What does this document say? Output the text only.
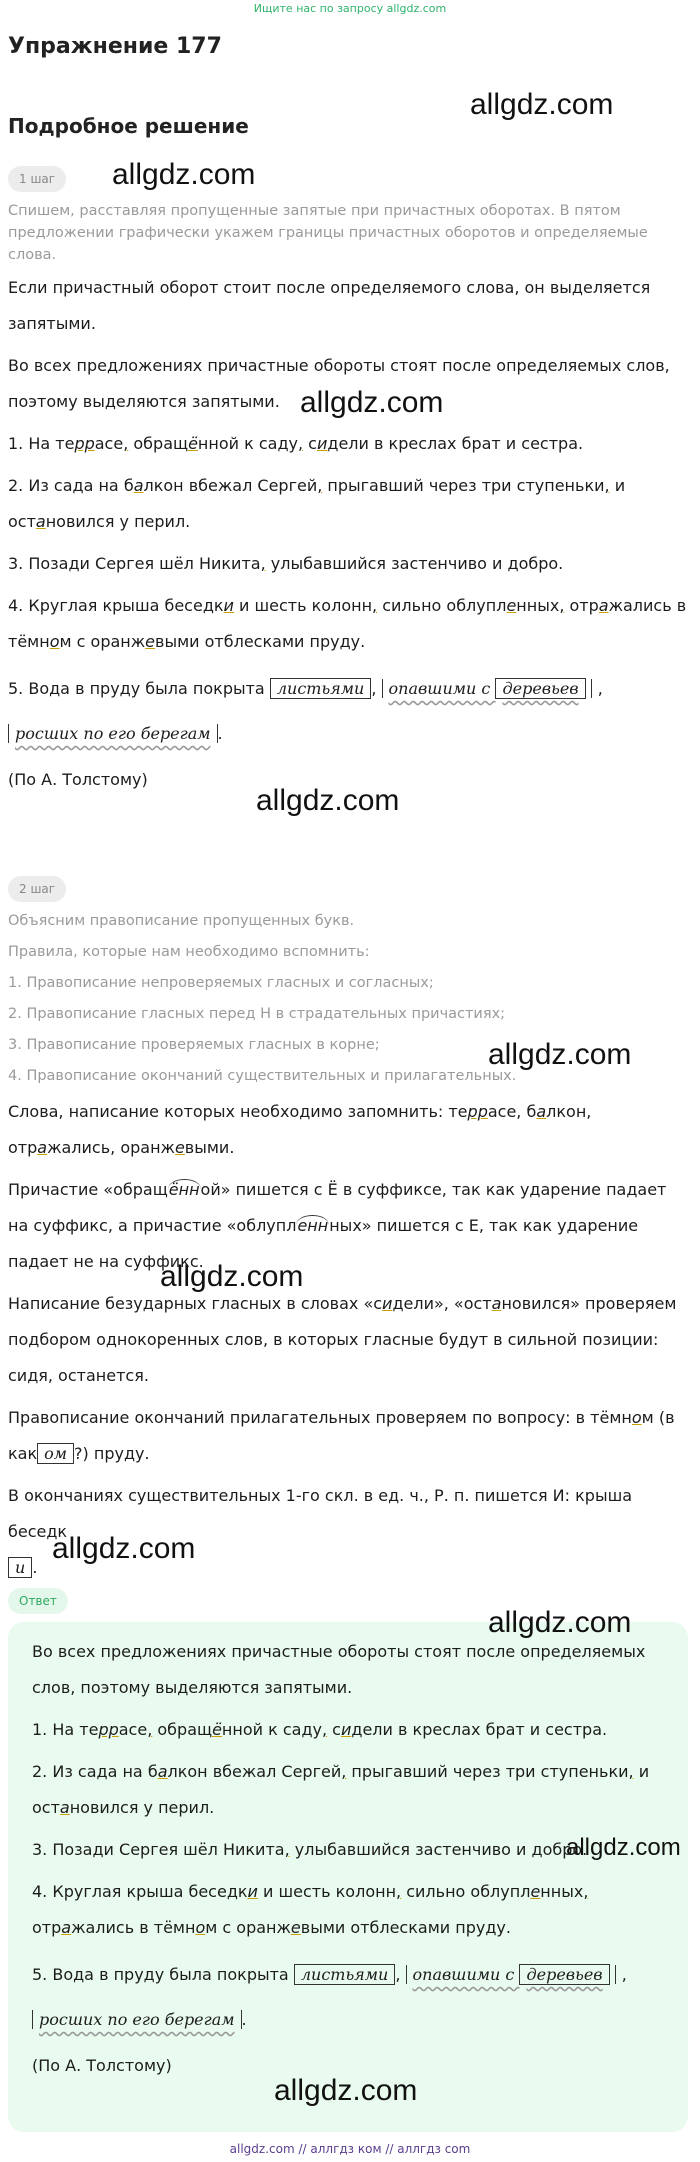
Ищите нас по запросу allgdz.com
Упражнение 177
Подробное решение
allgdz.com
allgdz.com
allgdz.com
allgdz.com
allgdz.com
allgdz.com
allgdz.com
1 шаг

Спишем, расставляя пропущенные запятые при причастных оборотах. В пятом предложении графически укажем границы причастных оборотов и определяемые слова.

Если причастный оборот стоит после определяемого слова, он выделяется запятыми.

Во всех предложениях причастные обороты стоят после определяемых слов, поэтому выделяются запятыми.

1. На террасе, обращённой к саду, сидели в креслах брат и сестра.

2. Из сада на балкон вбежал Сергей, прыгавший через три ступеньки, и остановился у перил.

3. Позади Сергея шёл Никита, улыбавшийся застенчиво и добро.

4. Круглая крыша беседки и шесть колонн, сильно облупленных, отражались в тёмном с оранжевыми отблесками пруду.

5. Вода в пруду была покрыта листьями , опавшими с деревьев ,
росших по его берегам .

(По А. Толстому)

2 шаг

Объясним правописание пропущенных букв.

Правила, которые нам необходимо вспомнить:

1. Правописание непроверяемых гласных и согласных;

2. Правописание гласных перед Н в страдательных причастиях;

3. Правописание проверяемых гласных в корне;

4. Правописание окончаний существительных и прилагательных.

Слова, написание которых необходимо запомнить: террасе, балкон, отражались, оранжевыми.

Причастие «обращённой» пишется с Ё в суффиксе, так как ударение падает на суффикс, а причастие «облупленнных» пишется с Е, так как ударение падает не на суффикс.

Написание безударных гласных в словах «сидели», «остановился» проверяем подбором однокоренных слов, в которых гласные будут в сильной позиции: сидя, останется.

Правописание окончаний прилагательных проверяем по вопросу: в тёмном (в как ом ?) пруду.

В окончаниях существительных 1-го скл. в ед. ч., Р. п. пишется И: крыша беседк
и .

Ответ

Во всех предложениях причастные обороты стоят после определяемых слов, поэтому выделяются запятыми.

1. На террасе, обращённой к саду, сидели в креслах брат и сестра.

2. Из сада на балкон вбежал Сергей, прыгавший через три ступеньки, и остановился у перил.

3. Позади Сергея шёл Никита, улыбавшийся застенчиво и добро.

4. Круглая крыша беседки и шесть колонн, сильно облупленных, отражались в тёмном с оранжевыми отблесками пруду.

5. Вода в пруду была покрыта листьями , опавшими с деревьев ,
росших по его берегам .

(По А. Толстому)

allgdz.com
allgdz.com
allgdz.com
allgdz.com // аллгдз ком // аллгдз com
